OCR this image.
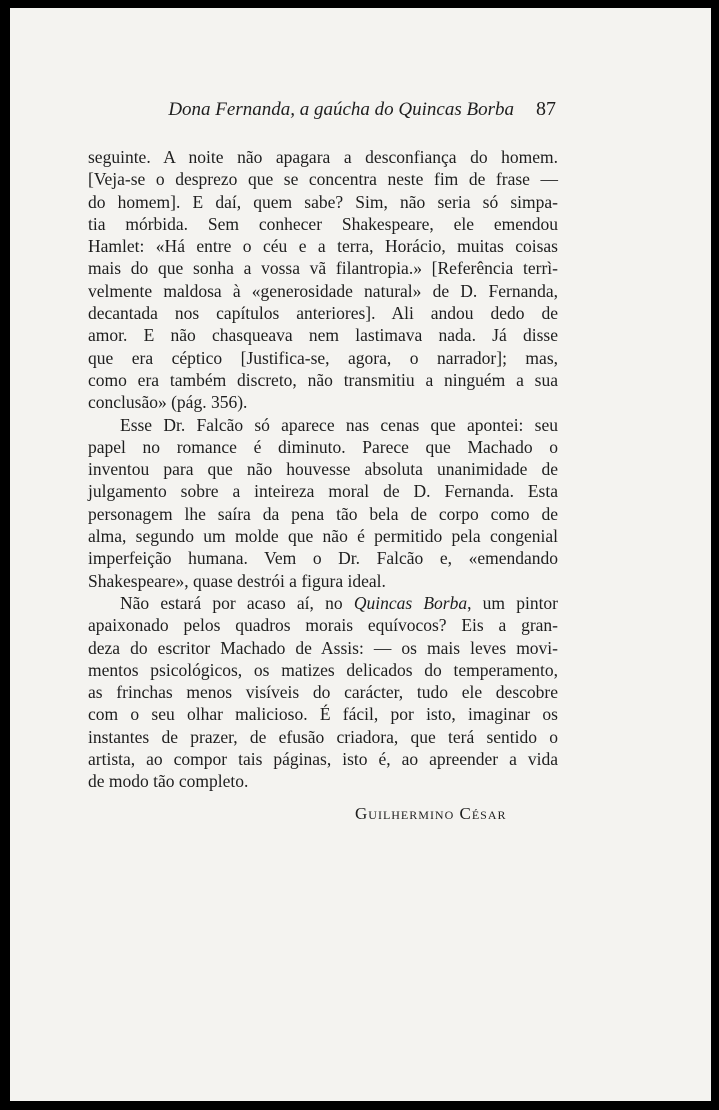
Dona Fernanda, a gaúcha do Quincas Borba 87
seguinte. A noite não apagara a desconfiança do homem.
[Veja-se o desprezo que se concentra neste fim de frase —
do homem]. E daí, quem sabe? Sim, não seria só simpa-
tia mórbida. Sem conhecer Shakespeare, ele emendou
Hamlet: «Há entre o céu e a terra, Horácio, muitas coisas
mais do que sonha a vossa vã filantropia.» [Referência terrì-
velmente maldosa à «generosidade natural» de D. Fernanda,
decantada nos capítulos anteriores]. Ali andou dedo de
amor. E não chasqueava nem lastimava nada. Já disse
que era céptico [Justifica-se, agora, o narrador]; mas,
como era também discreto, não transmitiu a ninguém a sua
conclusão» (pág. 356).
Esse Dr. Falcão só aparece nas cenas que apontei: seu
papel no romance é diminuto. Parece que Machado o
inventou para que não houvesse absoluta unanimidade de
julgamento sobre a inteireza moral de D. Fernanda. Esta
personagem lhe saíra da pena tão bela de corpo como de
alma, segundo um molde que não é permitido pela congenial
imperfeição humana. Vem o Dr. Falcão e, «emendando
Shakespeare», quase destrói a figura ideal.
Não estará por acaso aí, no Quincas Borba, um pintor
apaixonado pelos quadros morais equívocos? Eis a gran-
deza do escritor Machado de Assis: — os mais leves movi-
mentos psicológicos, os matizes delicados do temperamento,
as frinchas menos visíveis do carácter, tudo ele descobre
com o seu olhar malicioso. É fácil, por isto, imaginar os
instantes de prazer, de efusão criadora, que terá sentido o
artista, ao compor tais páginas, isto é, ao apreender a vida
de modo tão completo.
Guilhermino César
